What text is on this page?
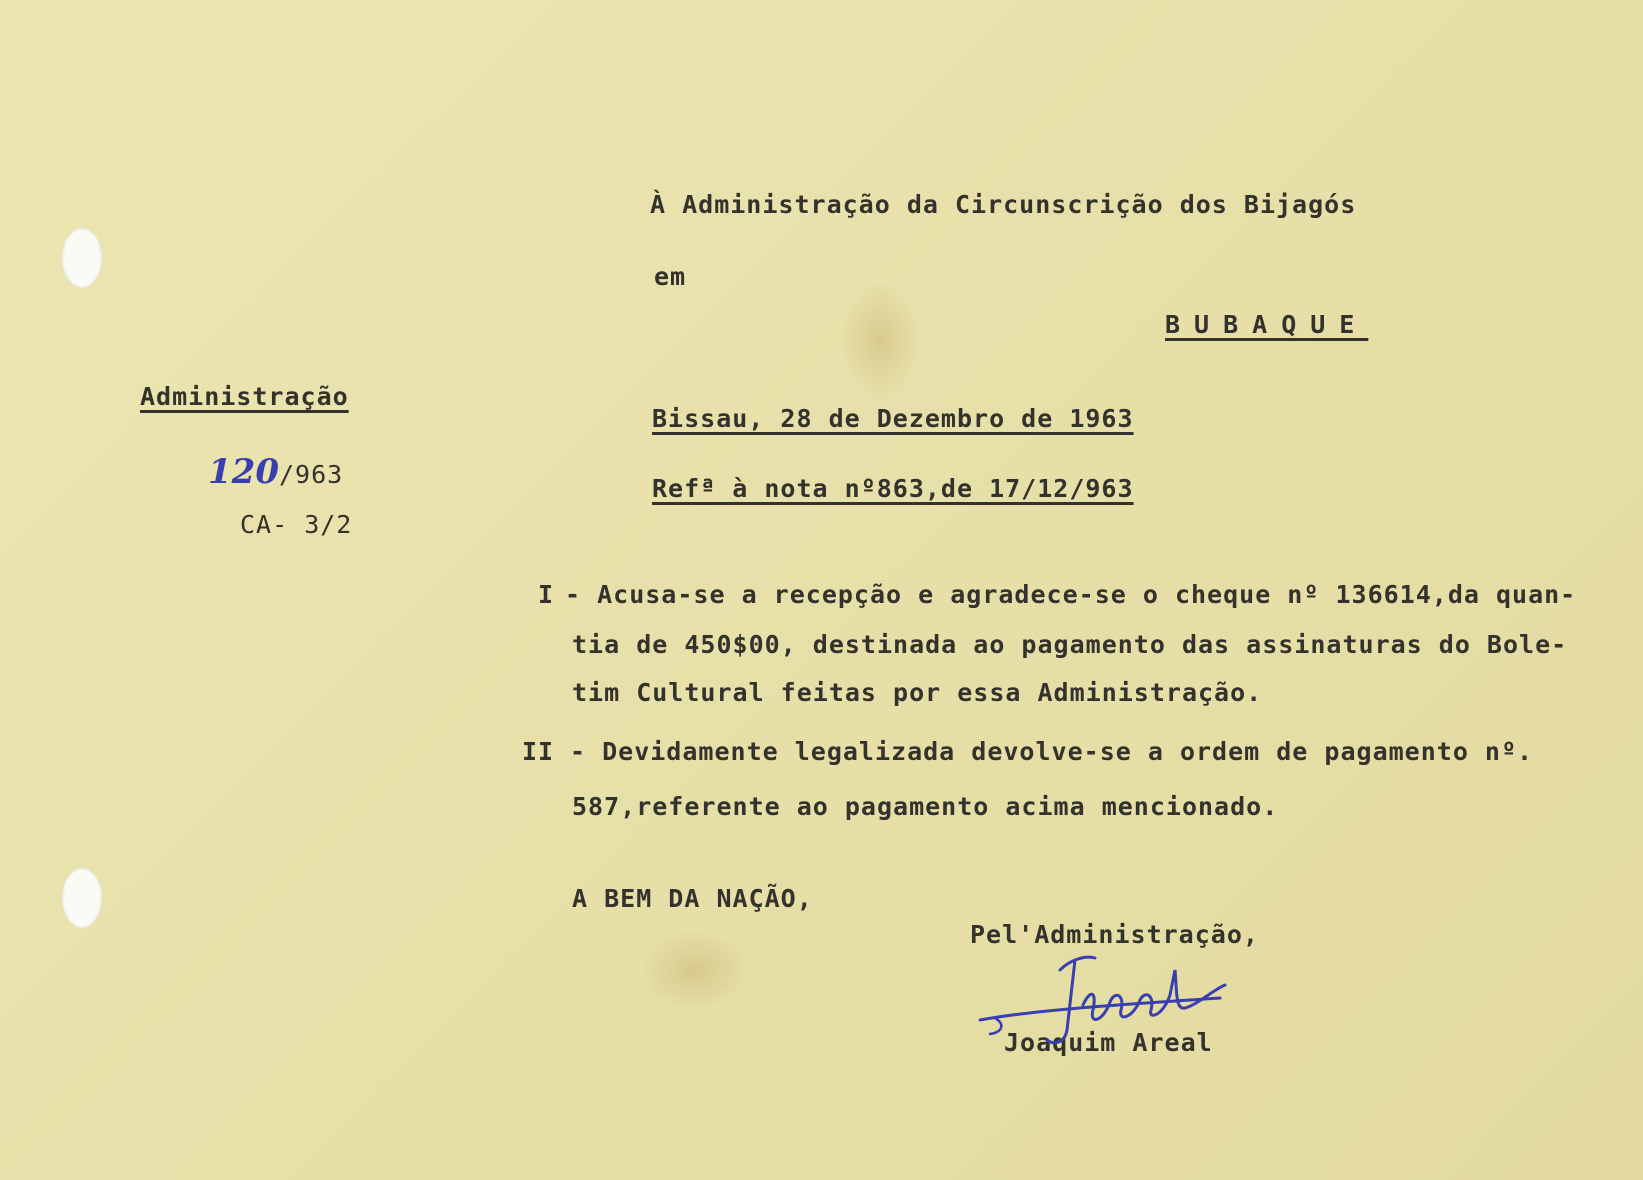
À Administração da Circunscrição dos Bijagós
em
BUBAQUE
Administração
120/963
CA- 3/2
Bissau, 28 de Dezembro de 1963
Refª à nota nº863,de 17/12/963
I - Acusa-se a recepção e agradece-se o cheque nº 136614,da quan-
tia de 450$00, destinada ao pagamento das assinaturas do Bole-
tim Cultural feitas por essa Administração.
II - Devidamente legalizada devolve-se a ordem de pagamento nº.
587,referente ao pagamento acima mencionado.
A BEM DA NAÇÃO,
Pel'Administração,
Joaquim Areal
